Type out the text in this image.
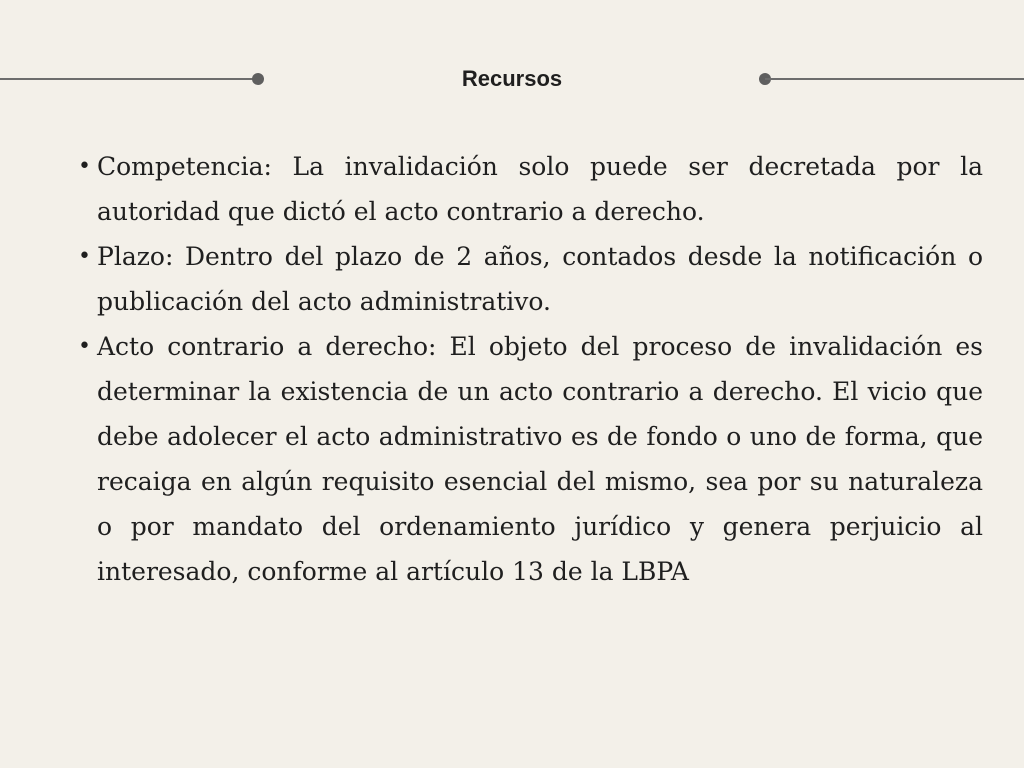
Recursos
• Competencia: La invalidación solo puede ser decretada por la autoridad que dictó el acto contrario a derecho.
• Plazo: Dentro del plazo de 2 años, contados desde la notificación o publicación del acto administrativo.
• Acto contrario a derecho: El objeto del proceso de invalidación es determinar la existencia de un acto contrario a derecho. El vicio que debe adolecer el acto administrativo es de fondo o uno de forma, que recaiga en algún requisito esencial del mismo, sea por su naturaleza o por mandato del ordenamiento jurídico y genera perjuicio al interesado, conforme al artículo 13 de la LBPA
